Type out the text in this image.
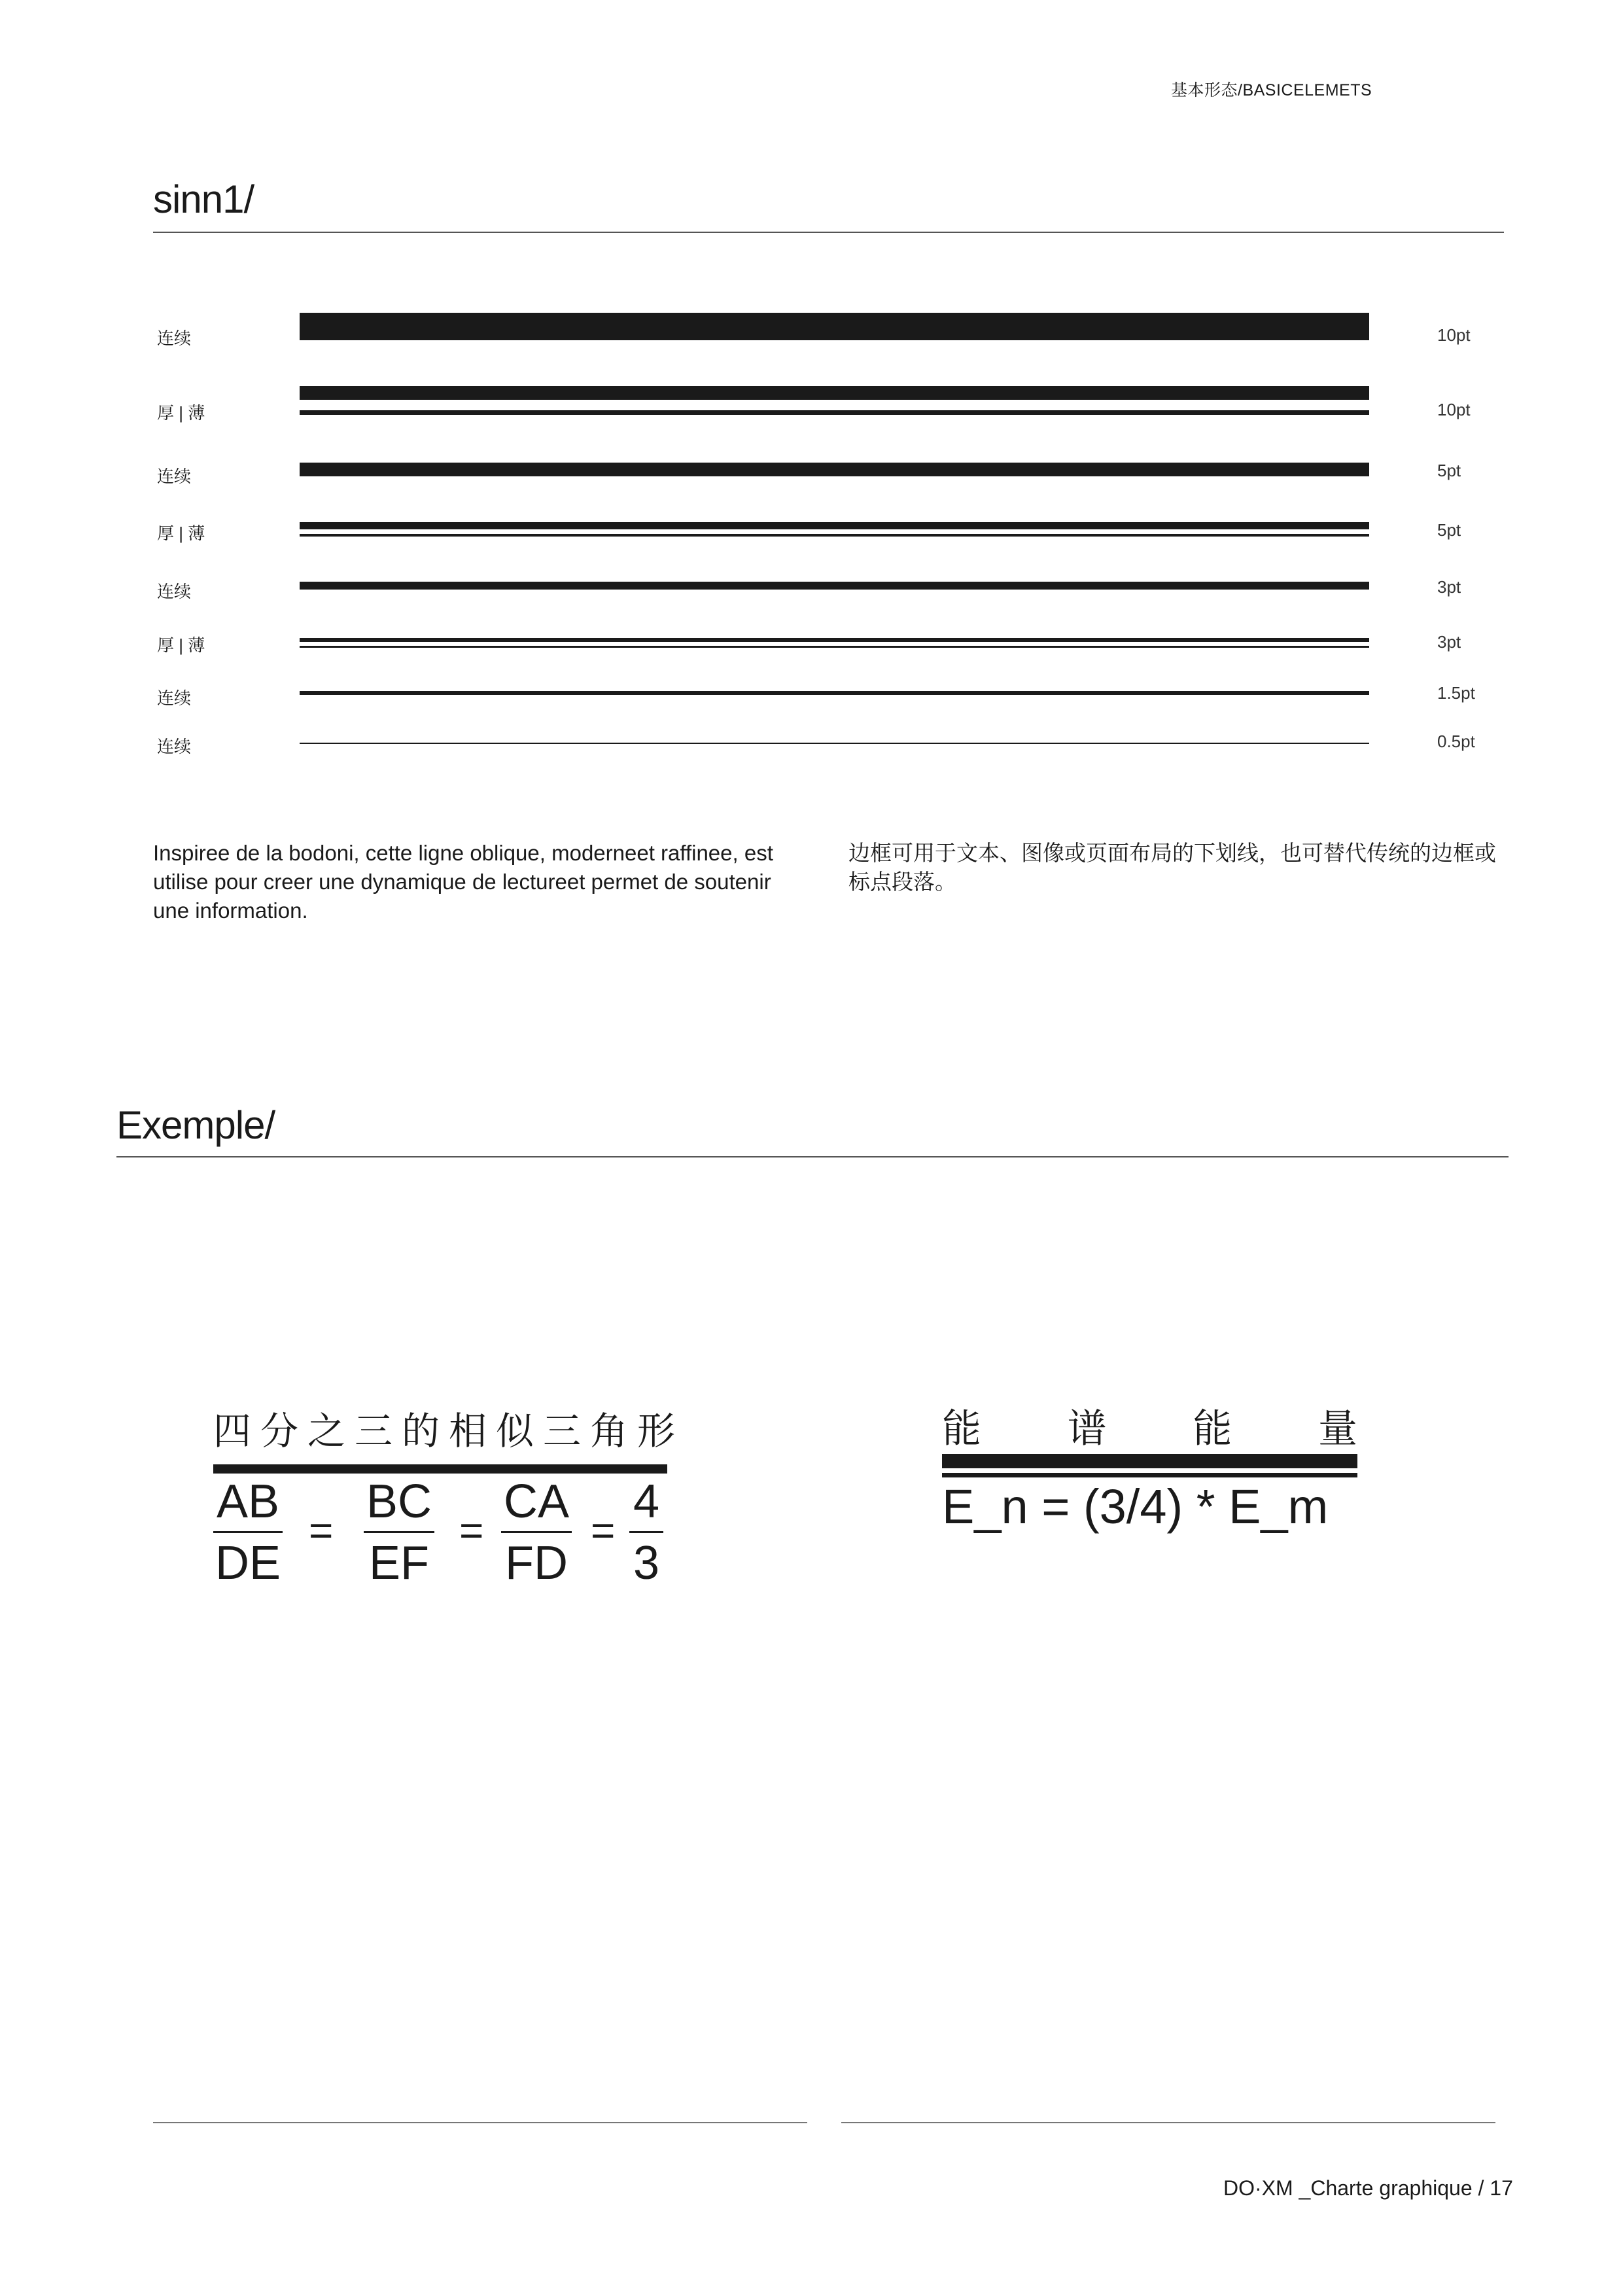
基本形态/BASICELEMETS
sinn1/
连续	10pt
厚 | 薄	10pt
连续	5pt
厚 | 薄	5pt
连续	3pt
厚 | 薄	3pt
连续	1.5pt
连续	0.5pt
Inspiree de la bodoni, cette ligne oblique, moderneet raffinee, est utilise pour creer une dynamique de lectureet permet de soutenir une information.
边框可用于文本、图像或页面布局的下划线，也可替代传统的边框或标点段落。
Exemple/
四分之三的相似三角形
AB
DE
=
BC
EF
=
CA
FD
=
4
3
能 谱 能 量
E_n = (3/4) * E_m
DO·XM _Charte graphique / 17
